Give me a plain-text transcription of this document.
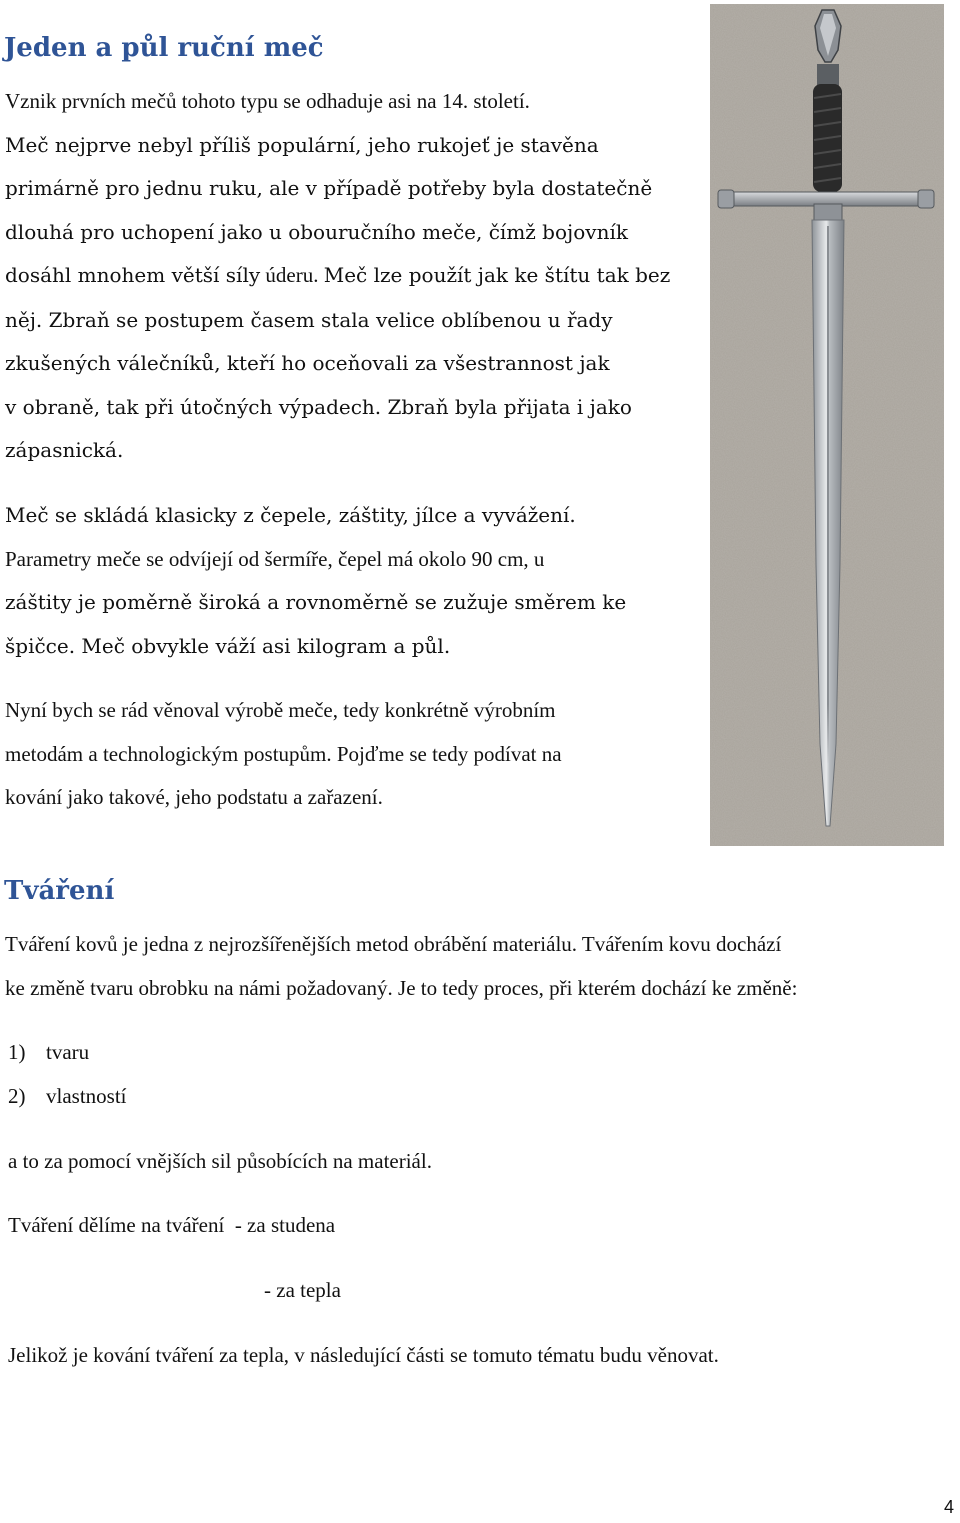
Jeden a půl ruční meč
Vznik prvních mečů tohoto typu se odhaduje asi na 14. století.
Meč nejprve nebyl příliš populární, jeho rukojeť je stavěna
primárně pro jednu ruku, ale v případě potřeby byla dostatečně
dlouhá pro uchopení jako u obouručního meče, čímž bojovník
dosáhl mnohem větší síly úderu. Meč lze použít jak ke štítu tak bez
něj. Zbraň se postupem časem stala velice oblíbenou u řady
zkušených válečníků, kteří ho oceňovali za všestrannost jak
v obraně, tak při útočných výpadech. Zbraň byla přijata i jako
zápasnická.
Meč se skládá klasicky z čepele, záštity, jílce a vyvážení.
Parametry meče se odvíjejí od šermíře, čepel má okolo 90 cm, u
záštity je poměrně široká a rovnoměrně se zužuje směrem ke
špičce. Meč obvykle váží asi kilogram a půl.
Nyní bych se rád věnoval výrobě meče, tedy konkrétně výrobním
metodám a technologickým postupům. Pojďme se tedy podívat na
kování jako takové, jeho podstatu a zařazení.
Tváření
Tváření kovů je jedna z nejrozšířenějších metod obrábění materiálu. Tvářením kovu dochází
ke změně tvaru obrobku na námi požadovaný. Je to tedy proces, při kterém dochází ke změně:
1) tvaru
2) vlastností
a to za pomocí vnějších sil působících na materiál.
Tváření dělíme na tváření  - za studena
- za tepla
Jelikož je kování tváření za tepla, v následující části se tomuto tématu budu věnovat.
4
